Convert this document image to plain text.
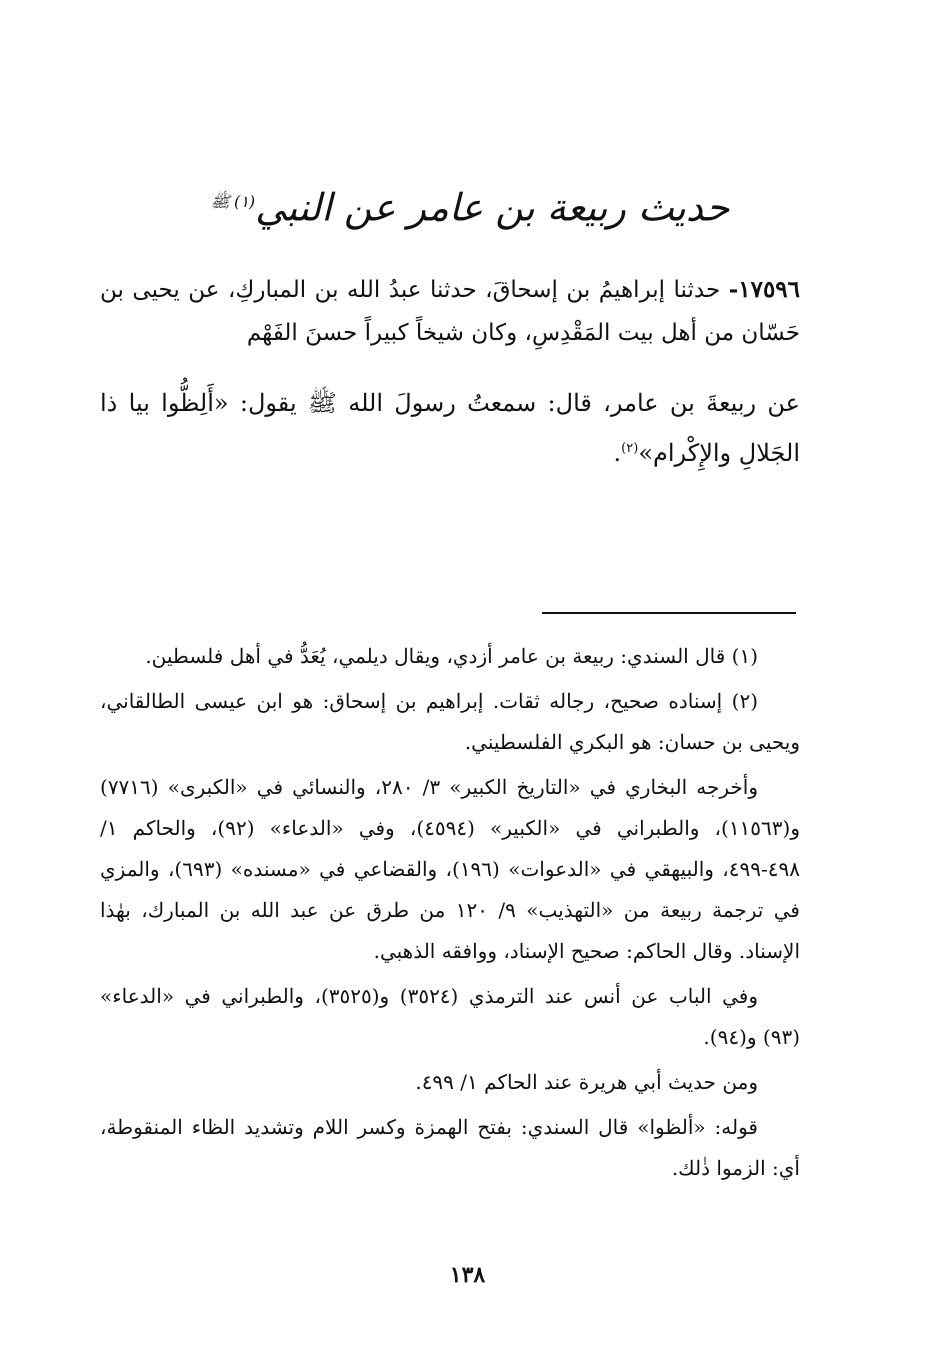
حديث ربيعة بن عامر عن النبي$^{(١)ﷺ}$
١٧٥٩٦- حدثنا إبراهيمُ بن إسحاقَ، حدثنا عبدُ الله بن المباركِ، عن يحيى بن حَسّان من أهل بيت المَقْدِسِ، وكان شيخاً كبيراً حسنَ الفَهْم
عن ربيعةَ بن عامر، قال: سمعتُ رسولَ الله ﷺ يقول: «أَلِظُّوا بيا ذا الجَلالِ والإِكْرام»$^{(٢)}$.

(١) قال السندي: ربيعة بن عامر أزدي، ويقال ديلمي، يُعَدُّ في أهل فلسطين.

(٢) إسناده صحيح، رجاله ثقات. إبراهيم بن إسحاق: هو ابن عيسى الطالقاني، ويحيى بن حسان: هو البكري الفلسطيني.

وأخرجه البخاري في «التاريخ الكبير» ٣/ ٢٨٠، والنسائي في «الكبرى» (٧٧١٦) و(١١٥٦٣)، والطبراني في «الكبير» (٤٥٩٤)، وفي «الدعاء» (٩٢)، والحاكم ١/ ٤٩٨-٤٩٩، والبيهقي في «الدعوات» (١٩٦)، والقضاعي في «مسنده» (٦٩٣)، والمزي في ترجمة ربيعة من «التهذيب» ٩/ ١٢٠ من طرق عن عبد الله بن المبارك، بهٰذا الإسناد. وقال الحاكم: صحيح الإسناد، ووافقه الذهبي.

وفي الباب عن أنس عند الترمذي (٣٥٢٤) و(٣٥٢٥)، والطبراني في «الدعاء» (٩٣) و(٩٤).

ومن حديث أبي هريرة عند الحاكم ١/ ٤٩٩.

قوله: «ألظوا» قال السندي: بفتح الهمزة وكسر اللام وتشديد الظاء المنقوطة، أي: الزموا ذٰلك.

١٣٨
